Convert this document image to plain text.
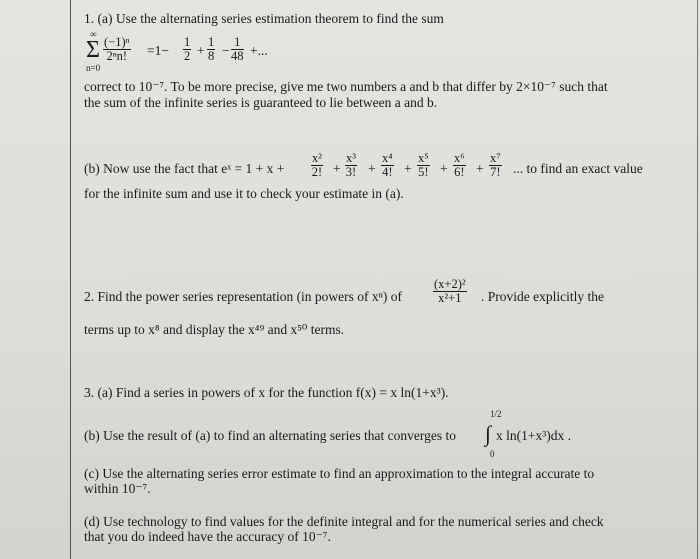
1. (a) Use the alternating series estimation theorem to find the sum
∞
Σ
n=0
$\frac{\text{(−1)ⁿ}}{\text{2ⁿn!}} =1- \frac{1}{2} + \frac{1}{8} - \frac{1}{48}$ +...
correct to 10⁻⁷. To be more precise, give me two numbers a and b that differ by 2×10⁻⁷ such that
the sum of the infinite series is guaranteed to lie between a and b.
(b) Now use the fact that eˣ = $1 + x + \frac{\text{x²}}{2!} + \frac{\text{x³}}{3!} + \frac{\text{x⁴}}{4!} + \frac{\text{x⁵}}{5!} + \frac{\text{x⁶}}{6!} + \frac{\text{x⁷}}{7!}$ ... to find an exact value
for the infinite sum and use it to check your estimate in (a).
2. Find the power series representation (in powers of xⁿ) of $\frac{\text{(x+2)²}}{\text{x²+1}}$ . Provide explicitly the
terms up to x⁸ and display the x⁴⁹ and x⁵⁰ terms.
3. (a) Find a series in powers of x for the function f(x) = x ln(1+x³).
1/2
(b) Use the result of (a) to find an alternating series that converges to ∫ x ln(1+x³)dx .
0
(c) Use the alternating series error estimate to find an approximation to the integral accurate to
within 10⁻⁷.
(d) Use technology to find values for the definite integral and for the numerical series and check
that you do indeed have the accuracy of 10⁻⁷.
